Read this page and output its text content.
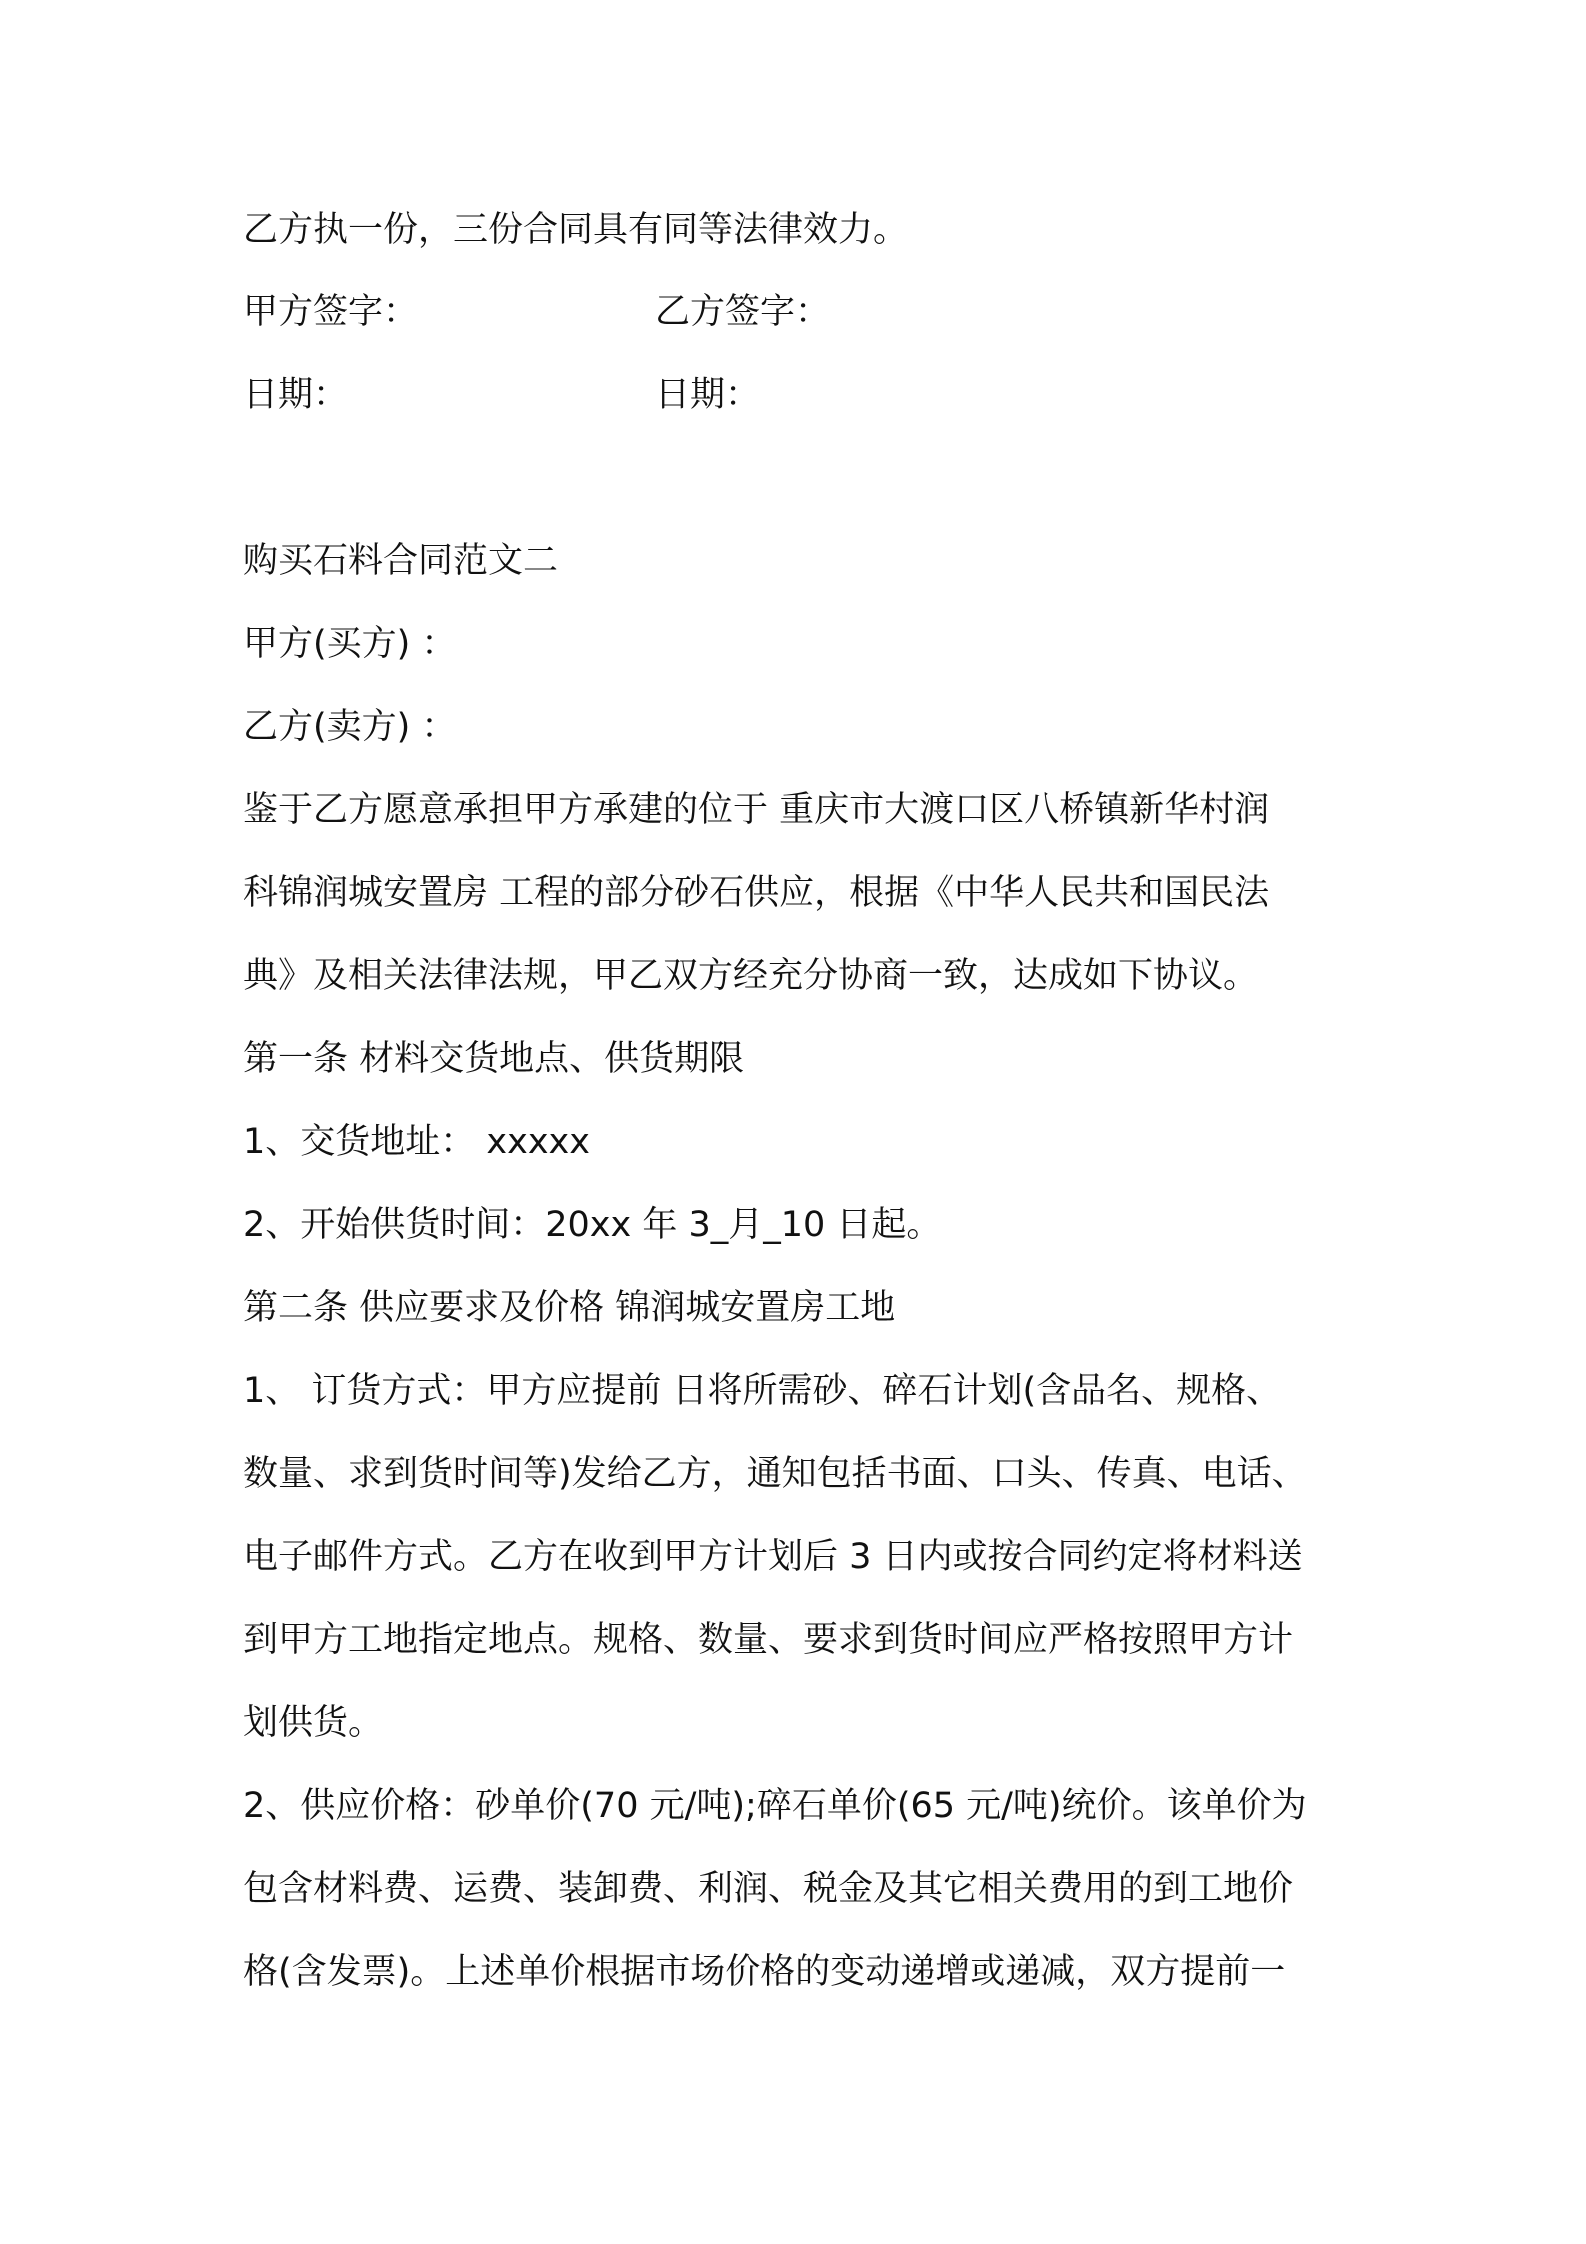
乙方执一份，三份合同具有同等法律效力。
甲方签字：	乙方签字：
日期：	日期：
购买石料合同范文二
甲方(买方) ：
乙方(卖方) ：
鉴于乙方愿意承担甲方承建的位于 重庆市大渡口区八桥镇新华村润
科锦润城安置房 工程的部分砂石供应，根据《中华人民共和国民法
典》及相关法律法规，甲乙双方经充分协商一致，达成如下协议。
第一条 材料交货地点、供货期限
1、交货地址： xxxxx
2、开始供货时间：20xx 年 3_月_10 日起。
第二条 供应要求及价格 锦润城安置房工地
1、 订货方式：甲方应提前 日将所需砂、碎石计划(含品名、规格、
数量、求到货时间等)发给乙方，通知包括书面、口头、传真、电话、
电子邮件方式。乙方在收到甲方计划后 3 日内或按合同约定将材料送
到甲方工地指定地点。规格、数量、要求到货时间应严格按照甲方计
划供货。
2、供应价格：砂单价(70 元/吨);碎石单价(65 元/吨)统价。该单价为
包含材料费、运费、装卸费、利润、税金及其它相关费用的到工地价
格(含发票)。上述单价根据市场价格的变动递增或递减，双方提前一
